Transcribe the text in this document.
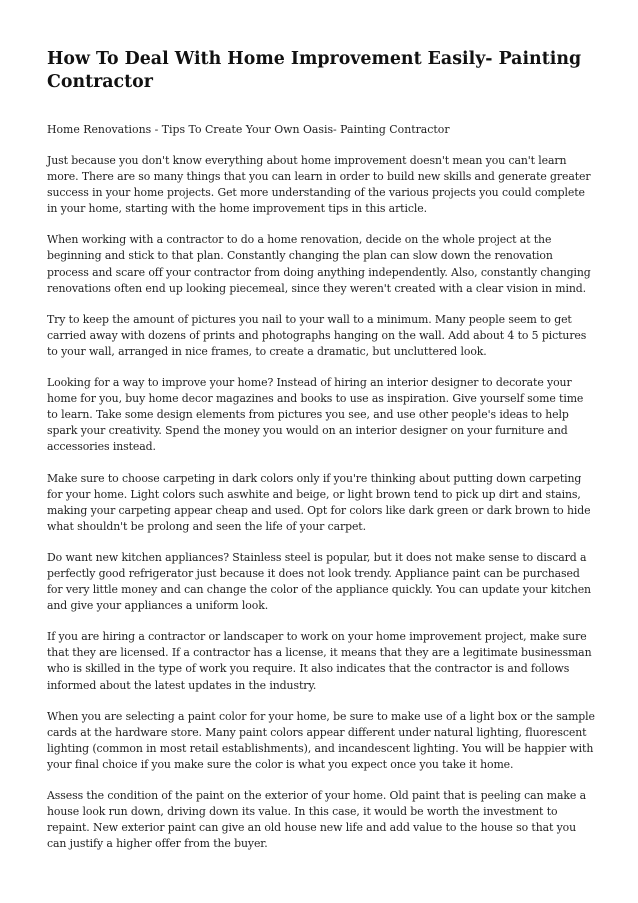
How To Deal With Home Improvement Easily- Painting Contractor

Home Renovations - Tips To Create Your Own Oasis- Painting Contractor

Just because you don't know everything about home improvement doesn't mean you can't learn more. There are so many things that you can learn in order to build new skills and generate greater success in your home projects. Get more understanding of the various projects you could complete in your home, starting with the home improvement tips in this article.

When working with a contractor to do a home renovation, decide on the whole project at the beginning and stick to that plan. Constantly changing the plan can slow down the renovation process and scare off your contractor from doing anything independently. Also, constantly changing renovations often end up looking piecemeal, since they weren't created with a clear vision in mind.

Try to keep the amount of pictures you nail to your wall to a minimum. Many people seem to get carried away with dozens of prints and photographs hanging on the wall. Add about 4 to 5 pictures to your wall, arranged in nice frames, to create a dramatic, but uncluttered look.

Looking for a way to improve your home? Instead of hiring an interior designer to decorate your home for you, buy home decor magazines and books to use as inspiration. Give yourself some time to learn. Take some design elements from pictures you see, and use other people's ideas to help spark your creativity. Spend the money you would on an interior designer on your furniture and accessories instead.

Make sure to choose carpeting in dark colors only if you're thinking about putting down carpeting for your home. Light colors such aswhite and beige, or light brown tend to pick up dirt and stains, making your carpeting appear cheap and used. Opt for colors like dark green or dark brown to hide what shouldn't be prolong and seen the life of your carpet.

Do want new kitchen appliances? Stainless steel is popular, but it does not make sense to discard a perfectly good refrigerator just because it does not look trendy. Appliance paint can be purchased for very little money and can change the color of the appliance quickly. You can update your kitchen and give your appliances a uniform look.

If you are hiring a contractor or landscaper to work on your home improvement project, make sure that they are licensed. If a contractor has a license, it means that they are a legitimate businessman who is skilled in the type of work you require. It also indicates that the contractor is and follows informed about the latest updates in the industry.

When you are selecting a paint color for your home, be sure to make use of a light box or the sample cards at the hardware store. Many paint colors appear different under natural lighting, fluorescent lighting (common in most retail establishments), and incandescent lighting. You will be happier with your final choice if you make sure the color is what you expect once you take it home.

Assess the condition of the paint on the exterior of your home. Old paint that is peeling can make a house look run down, driving down its value. In this case, it would be worth the investment to repaint. New exterior paint can give an old house new life and add value to the house so that you can justify a higher offer from the buyer.
